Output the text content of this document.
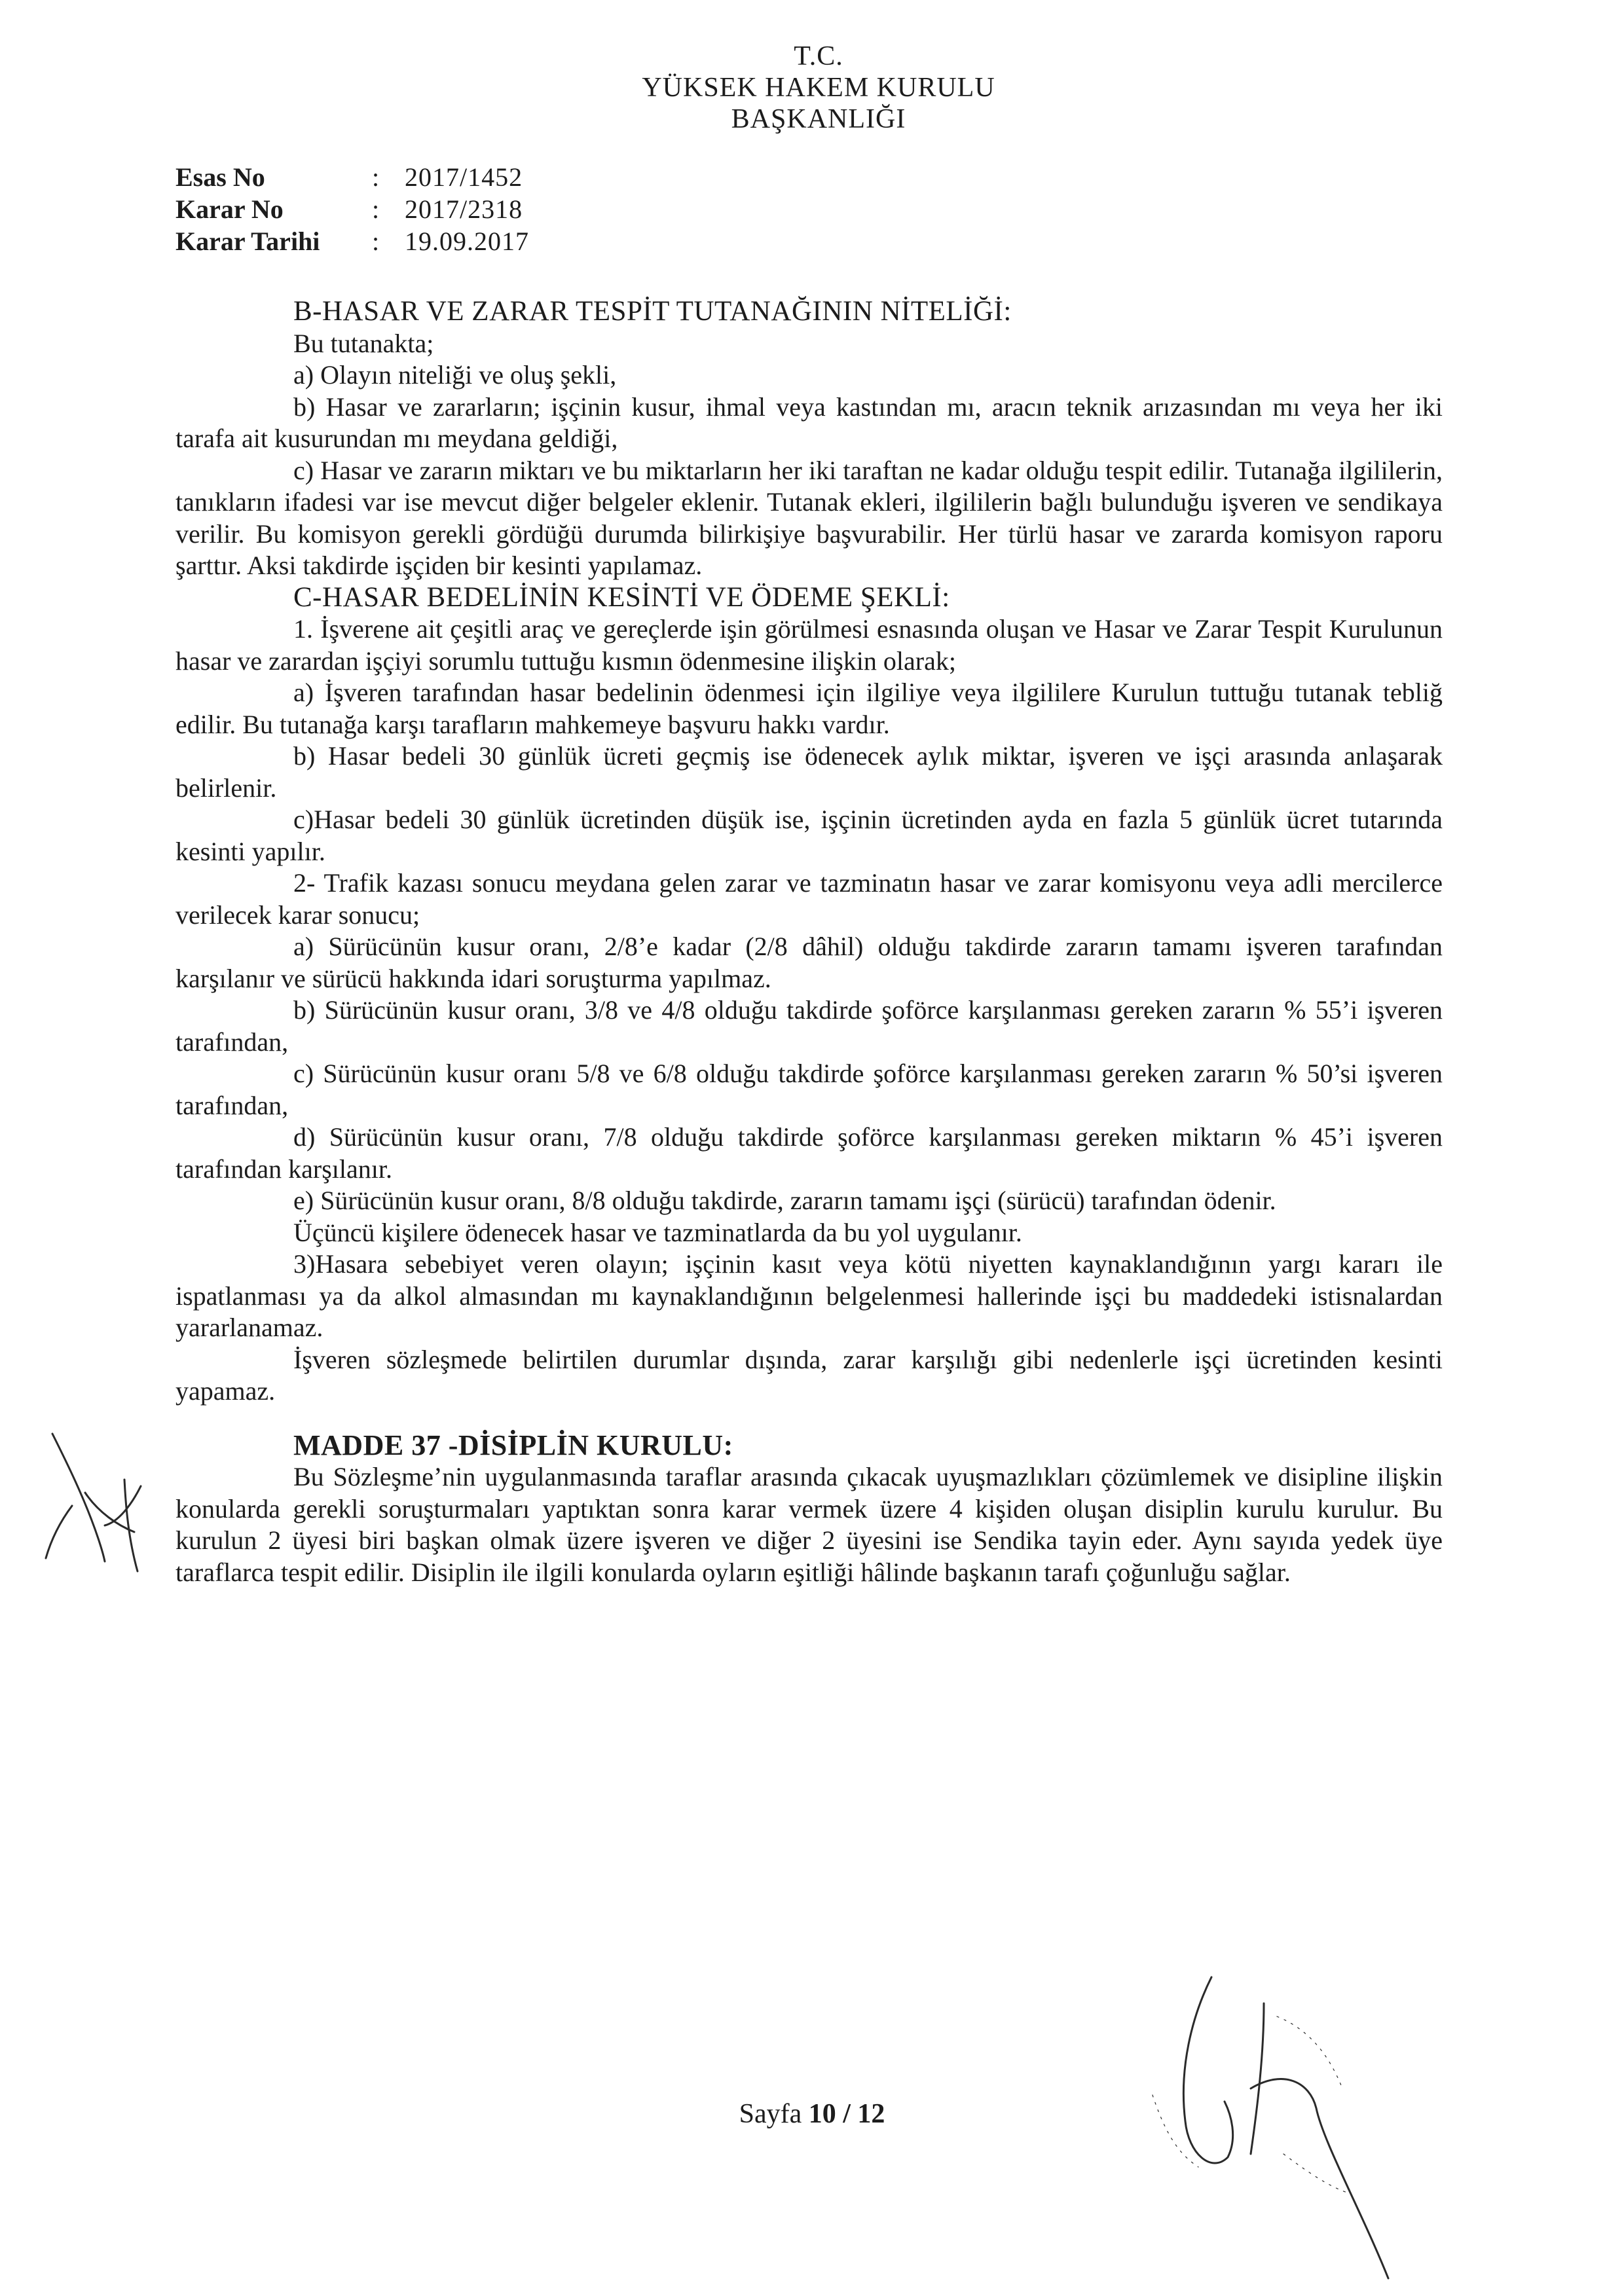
T.C.
YÜKSEK HAKEM KURULU
BAŞKANLIĞI
Esas No	: 2017/1452
Karar No	: 2017/2318
Karar Tarihi	: 19.09.2017

B-HASAR VE ZARAR TESPİT TUTANAĞININ NİTELİĞİ:

Bu tutanakta;

a) Olayın niteliği ve oluş şekli,

b) Hasar ve zararların; işçinin kusur, ihmal veya kastından mı, aracın teknik arızasından mı veya her iki tarafa ait kusurundan mı meydana geldiği,

c) Hasar ve zararın miktarı ve bu miktarların her iki taraftan ne kadar olduğu tespit edilir. Tutanağa ilgililerin, tanıkların ifadesi var ise mevcut diğer belgeler eklenir. Tutanak ekleri, ilgililerin bağlı bulunduğu işveren ve sendikaya verilir. Bu komisyon gerekli gördüğü durumda bilirkişiye başvurabilir. Her türlü hasar ve zararda komisyon raporu şarttır. Aksi takdirde işçiden bir kesinti yapılamaz.

C-HASAR BEDELİNİN KESİNTİ VE ÖDEME ŞEKLİ:

1. İşverene ait çeşitli araç ve gereçlerde işin görülmesi esnasında oluşan ve Hasar ve Zarar Tespit Kurulunun hasar ve zarardan işçiyi sorumlu tuttuğu kısmın ödenmesine ilişkin olarak;

a) İşveren tarafından hasar bedelinin ödenmesi için ilgiliye veya ilgililere Kurulun tuttuğu tutanak tebliğ edilir. Bu tutanağa karşı tarafların mahkemeye başvuru hakkı vardır.

b) Hasar bedeli 30 günlük ücreti geçmiş ise ödenecek aylık miktar, işveren ve işçi arasında anlaşarak belirlenir.

c)Hasar bedeli 30 günlük ücretinden düşük ise, işçinin ücretinden ayda en fazla 5 günlük ücret tutarında kesinti yapılır.

2- Trafik kazası sonucu meydana gelen zarar ve tazminatın hasar ve zarar komisyonu veya adli mercilerce verilecek karar sonucu;

a) Sürücünün kusur oranı, 2/8’e kadar (2/8 dâhil) olduğu takdirde zararın tamamı işveren tarafından karşılanır ve sürücü hakkında idari soruşturma yapılmaz.

b) Sürücünün kusur oranı, 3/8 ve 4/8 olduğu takdirde şoförce karşılanması gereken zararın % 55’i işveren tarafından,

c) Sürücünün kusur oranı 5/8 ve 6/8 olduğu takdirde şoförce karşılanması gereken zararın % 50’si işveren tarafından,

d) Sürücünün kusur oranı, 7/8 olduğu takdirde şoförce karşılanması gereken miktarın % 45’i işveren tarafından karşılanır.

e) Sürücünün kusur oranı, 8/8 olduğu takdirde, zararın tamamı işçi (sürücü) tarafından ödenir.

Üçüncü kişilere ödenecek hasar ve tazminatlarda da bu yol uygulanır.

3)Hasara sebebiyet veren olayın; işçinin kasıt veya kötü niyetten kaynaklandığının yargı kararı ile ispatlanması ya da alkol almasından mı kaynaklandığının belgelenmesi hallerinde işçi bu maddedeki istisnalardan yararlanamaz.

İşveren sözleşmede belirtilen durumlar dışında, zarar karşılığı gibi nedenlerle işçi ücretinden kesinti yapamaz.

MADDE 37 -DİSİPLİN KURULU:

Bu Sözleşme’nin uygulanmasında taraflar arasında çıkacak uyuşmazlıkları çözümlemek ve disipline ilişkin konularda gerekli soruşturmaları yaptıktan sonra karar vermek üzere 4 kişiden oluşan disiplin kurulu kurulur. Bu kurulun 2 üyesi biri başkan olmak üzere işveren ve diğer 2 üyesini ise Sendika tayin eder. Aynı sayıda yedek üye taraflarca tespit edilir. Disiplin ile ilgili konularda oyların eşitliği hâlinde başkanın tarafı çoğunluğu sağlar.

Sayfa 10 / 12
